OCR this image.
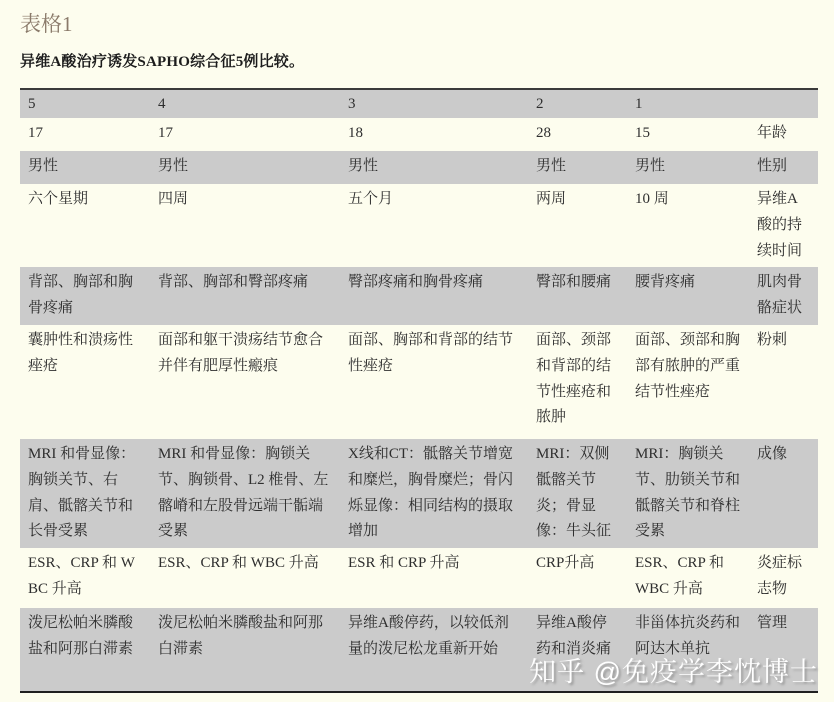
表格1
异维A酸治疗诱发SAPHO综合征5例比较。
5	4	3	2	1	
17	17	18	28	15	年龄
男性	男性	男性	男性	男性	性别
六个星期	四周	五个月	两周	10 周	异维A酸的持续时间
背部、胸部和胸骨疼痛	背部、胸部和臀部疼痛	臀部疼痛和胸骨疼痛	臀部和腰痛	腰背疼痛	肌肉骨骼症状
囊肿性和溃疡性痤疮	面部和躯干溃疡结节愈合并伴有肥厚性瘢痕	面部、胸部和背部的结节性痤疮	面部、颈部和背部的结节性痤疮和脓肿	面部、颈部和胸部有脓肿的严重结节性痤疮	粉刺
MRI 和骨显像：胸锁关节、右肩、骶髂关节和长骨受累	MRI 和骨显像：胸锁关节、胸锁骨、L2 椎骨、左髂嵴和左股骨远端干骺端受累	X线和CT：骶髂关节增宽和糜烂，胸骨糜烂；骨闪烁显像：相同结构的摄取增加	MRI：双侧骶髂关节炎；骨显像：牛头征	MRI：胸锁关节、肋锁关节和骶髂关节和脊柱受累	成像
ESR、CRP 和 WBC 升高	ESR、CRP 和 WBC 升高	ESR 和 CRP 升高	CRP升高	ESR、CRP 和 WBC 升高	炎症标志物
泼尼松帕米膦酸盐和阿那白滞素	泼尼松帕米膦酸盐和阿那白滞素	异维A酸停药，以较低剂量的泼尼松龙重新开始	异维A酸停药和消炎痛	非甾体抗炎药和阿达木单抗	管理
知乎 @免疫学李忱博士
